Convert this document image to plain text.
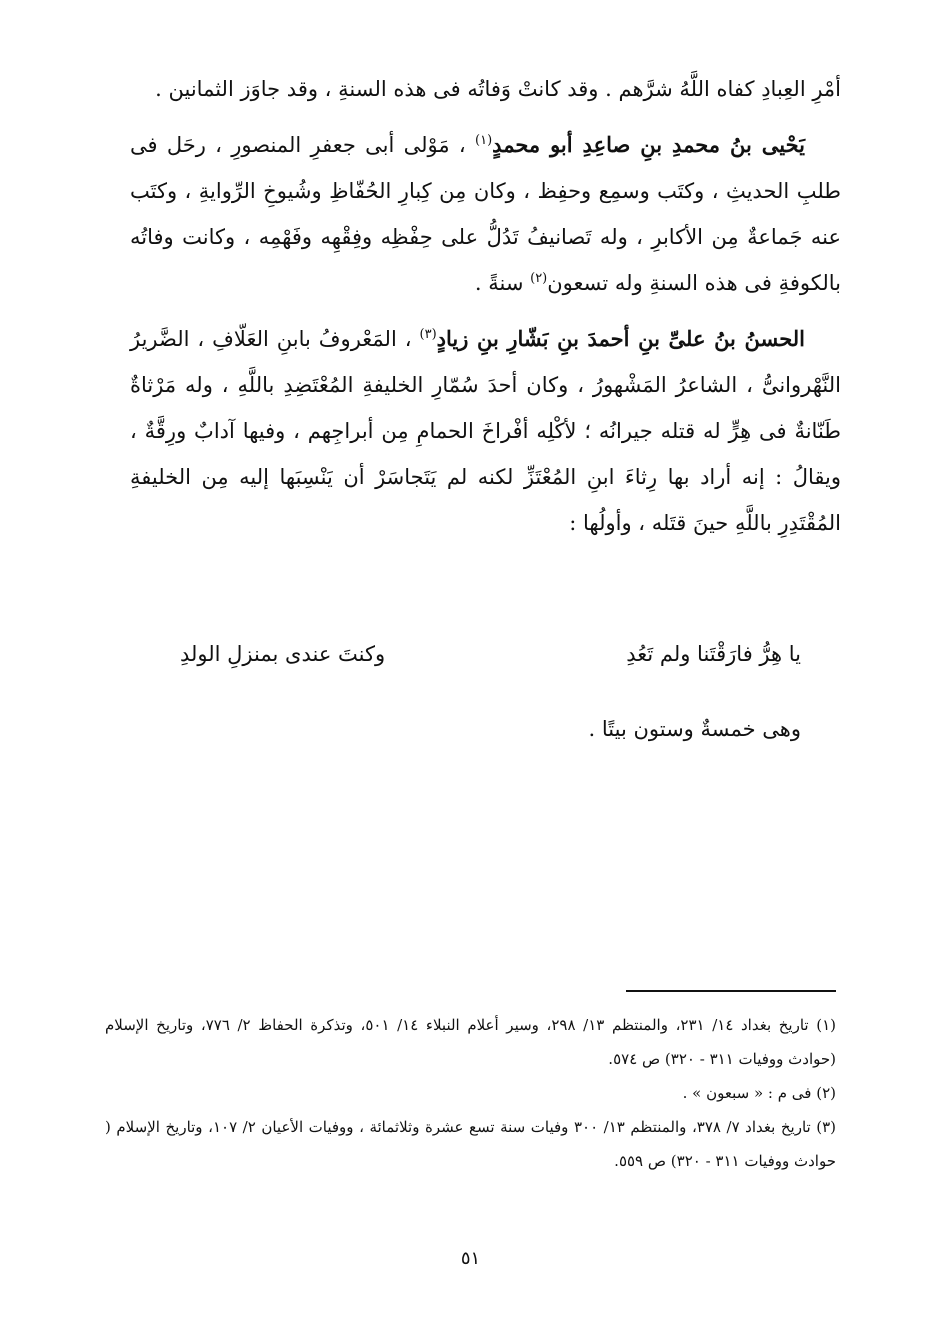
أمْرِ العِبادِ كفاه اللَّهُ شرَّهم . وقد كانتْ وَفاتُه فى هذه السنةِ ، وقد جاوَز الثمانين .

يَحْيى بنُ محمدِ بنِ صاعِدِ أبو محمدٍ$^{(١)}$ ، مَوْلى أبى جعفرِ المنصورِ ، رحَل فى طلبِ الحديثِ ، وكتَب وسمِع وحفِظ ، وكان مِن كِبارِ الحُفّاظِ وشُيوخِ الرِّوايةِ ، وكتَب عنه جَماعةٌ مِن الأكابرِ ، وله تَصانيفُ تَدُلُّ على حِفْظِه وفِقْهِه وفَهْمِه ، وكانت وفاتُه بالكوفةِ فى هذه السنةِ وله تسعون$^{(٢)}$ سنةً .

الحسنُ بنُ علىِّ بنِ أحمدَ بنِ بَشّارِ بنِ زيادٍ$^{(٣)}$ ، المَعْروفُ بابنِ العَلّافِ ، الضَّريرُ النَّهْروانىُّ ، الشاعرُ المَشْهورُ ، وكان أحدَ سُمّارِ الخليفةِ المُعْتَضِدِ باللَّهِ ، وله مَرْثاةٌ طَنّانةٌ فى هِرٍّ له قتله جيرانُه ؛ لأكْلِه أفْراخَ الحمامِ مِن أبراجِهم ، وفيها آدابٌ ورِقَّةٌ ، ويقالُ : إنه أراد بها رِثاءَ ابنِ المُعْتَزِّ لكنه لم يَتَجاسَرْ أن يَنْسِبَها إليه مِن الخليفةِ المُقْتَدِرِ باللَّهِ حينَ قتَله ، وأولُها :

يا هِرُّ فارَقْتَنا ولم تَعُدِ
وكنتَ عندى بمنزلِ الولدِ
وهى خمسةٌ وستون بيتًا .

(١) تاريخ بغداد ١٤/ ٢٣١، والمنتظم ١٣/ ٢٩٨، وسير أعلام النبلاء ١٤/ ٥٠١، وتذكرة الحفاظ ٢/ ٧٧٦، وتاريخ الإسلام (حوادث ووفيات ٣١١ - ٣٢٠) ص ٥٧٤.

(٢) فى م : « سبعون » .

(٣) تاريخ بغداد ٧/ ٣٧٨، والمنتظم ١٣/ ٣٠٠ وفيات سنة تسع عشرة وثلاثمائة ، ووفيات الأعيان ٢/ ١٠٧، وتاريخ الإسلام ( حوادث ووفيات ٣١١ - ٣٢٠) ص ٥٥٩.

٥١
